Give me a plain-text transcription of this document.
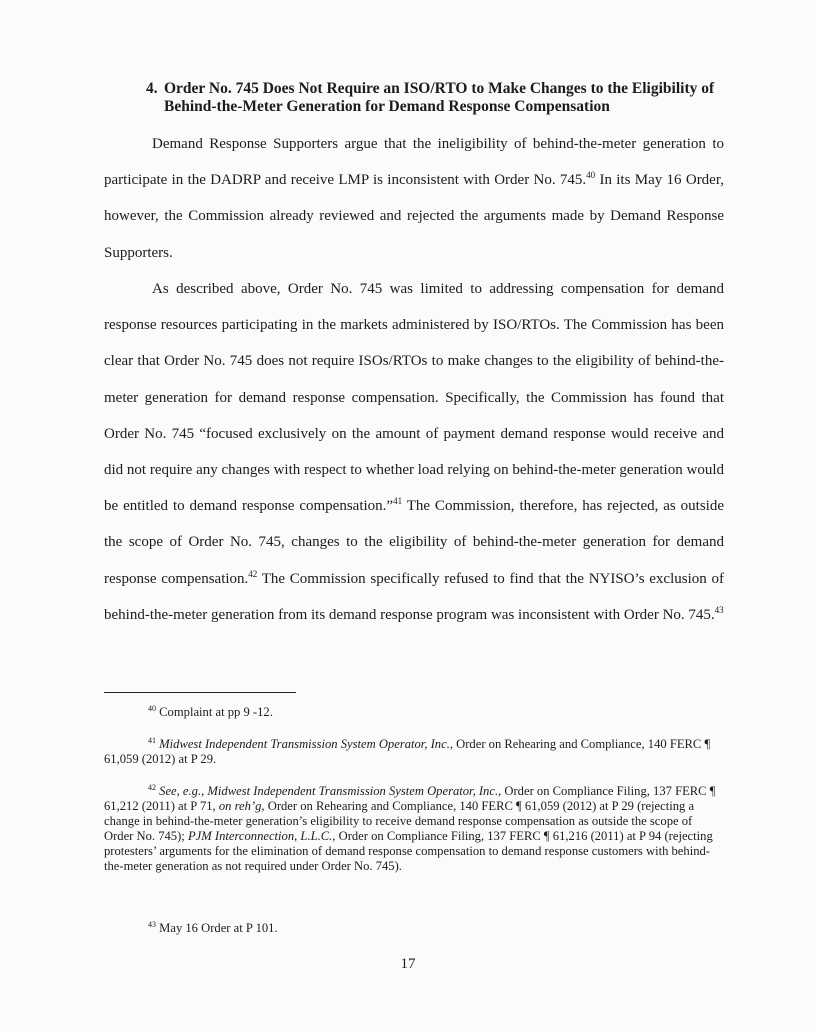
4. Order No. 745 Does Not Require an ISO/RTO to Make Changes to the Eligibility of Behind-the-Meter Generation for Demand Response Compensation

Demand Response Supporters argue that the ineligibility of behind-the-meter generation to participate in the DADRP and receive LMP is inconsistent with Order No. 745.40 In its May 16 Order, however, the Commission already reviewed and rejected the arguments made by Demand Response Supporters.

As described above, Order No. 745 was limited to addressing compensation for demand response resources participating in the markets administered by ISO/RTOs. The Commission has been clear that Order No. 745 does not require ISOs/RTOs to make changes to the eligibility of behind-the-meter generation for demand response compensation. Specifically, the Commission has found that Order No. 745 “focused exclusively on the amount of payment demand response would receive and did not require any changes with respect to whether load relying on behind-the-meter generation would be entitled to demand response compensation.”$^{41}$ The Commission, therefore, has rejected, as outside the scope of Order No. 745, changes to the eligibility of behind-the-meter generation for demand response compensation.$^{42}$ The Commission specifically refused to find that the NYISO’s exclusion of behind-the-meter generation from its demand response program was inconsistent with Order No. 745.43

$^{40}$ Complaint at pp 9 -12.

$^{41}$ Midwest Independent Transmission System Operator, Inc., Order on Rehearing and Compliance, 140 FERC ¶ 61,059 (2012) at P 29.

$^{42}$ See, e.g., Midwest Independent Transmission System Operator, Inc., Order on Compliance Filing, 137 FERC ¶ 61,212 (2011) at P 71, on reh’g, Order on Rehearing and Compliance, 140 FERC ¶ 61,059 (2012) at P 29 (rejecting a change in behind-the-meter generation’s eligibility to receive demand response compensation as outside the scope of Order No. 745); PJM Interconnection, L.L.C., Order on Compliance Filing, 137 FERC ¶ 61,216 (2011) at P 94 (rejecting protesters’ arguments for the elimination of demand response compensation to demand response customers with behind-the-meter generation as not required under Order No. 745).

$^{43}$ May 16 Order at P 101.

17
